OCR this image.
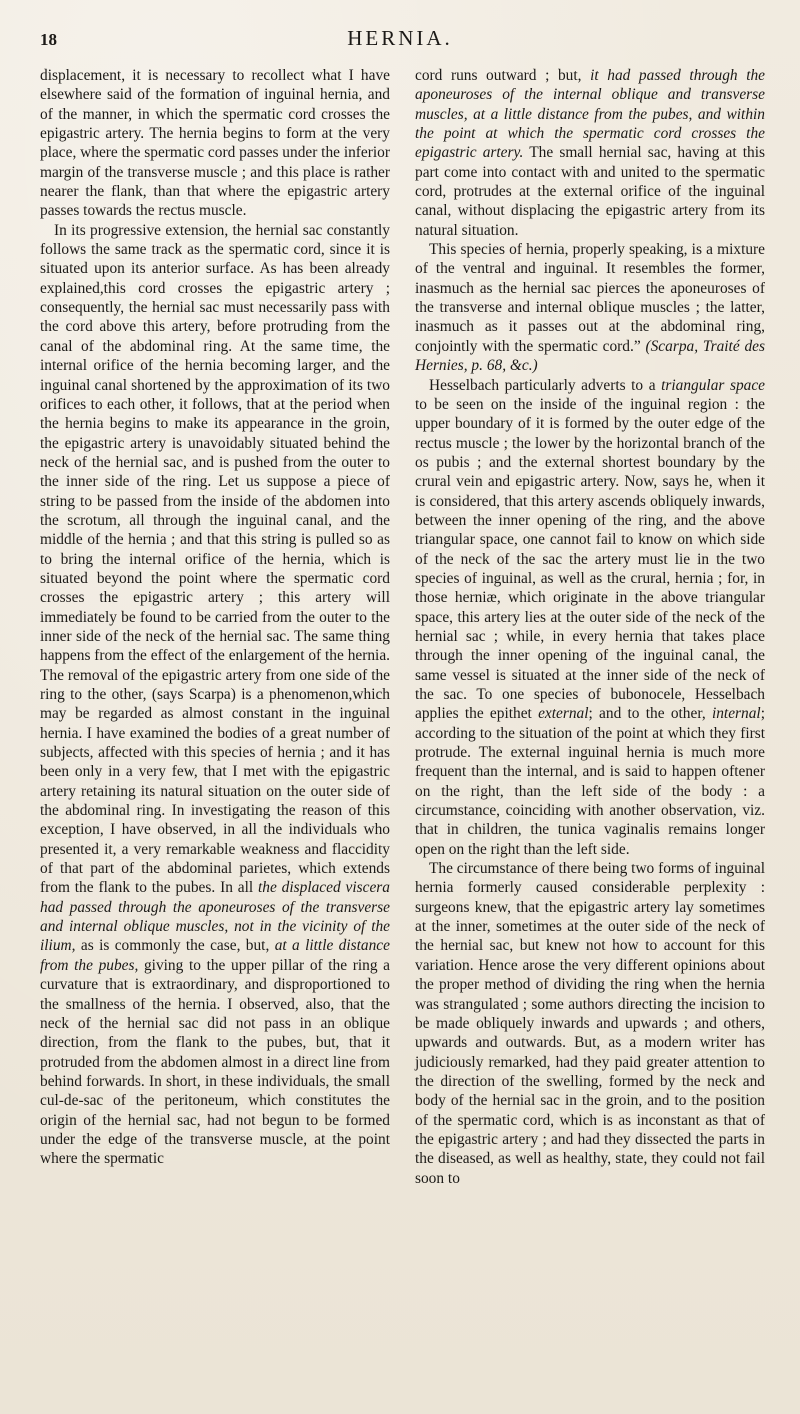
18	HERNIA.

displacement, it is necessary to recollect what I have elsewhere said of the formation of inguinal hernia, and of the manner, in which the spermatic cord crosses the epigastric artery. The hernia begins to form at the very place, where the spermatic cord passes under the inferior margin of the transverse muscle ; and this place is rather nearer the flank, than that where the epigastric artery passes towards the rectus muscle.

In its progressive extension, the hernial sac constantly follows the same track as the spermatic cord, since it is situated upon its anterior surface. As has been already explained,this cord crosses the epigastric artery ; consequently, the hernial sac must necessarily pass with the cord above this artery, before protruding from the canal of the abdominal ring. At the same time, the internal orifice of the hernia becoming larger, and the inguinal canal shortened by the approximation of its two orifices to each other, it follows, that at the period when the hernia begins to make its appearance in the groin, the epigastric artery is unavoidably situated behind the neck of the hernial sac, and is pushed from the outer to the inner side of the ring. Let us suppose a piece of string to be passed from the inside of the abdomen into the scrotum, all through the inguinal canal, and the middle of the hernia ; and that this string is pulled so as to bring the internal orifice of the hernia, which is situated beyond the point where the spermatic cord crosses the epigastric artery ; this artery will immediately be found to be carried from the outer to the inner side of the neck of the hernial sac. The same thing happens from the effect of the enlargement of the hernia. The removal of the epigastric artery from one side of the ring to the other, (says Scarpa) is a phenomenon,which may be regarded as almost constant in the inguinal hernia. I have examined the bodies of a great number of subjects, affected with this species of hernia ; and it has been only in a very few, that I met with the epigastric artery retaining its natural situation on the outer side of the abdominal ring. In investigating the reason of this exception, I have observed, in all the individuals who presented it, a very remarkable weakness and flaccidity of that part of the abdominal parietes, which extends from the flank to the pubes. In all the displaced viscera had passed through the aponeuroses of the transverse and internal oblique muscles, not in the vicinity of the ilium, as is commonly the case, but, at a little distance from the pubes, giving to the upper pillar of the ring a curvature that is extraordinary, and disproportioned to the smallness of the hernia. I observed, also, that the neck of the hernial sac did not pass in an oblique direction, from the flank to the pubes, but, that it protruded from the abdomen almost in a direct line from behind forwards. In short, in these individuals, the small cul-de-sac of the peritoneum, which constitutes the origin of the hernial sac, had not begun to be formed under the edge of the transverse muscle, at the point where the spermatic

cord runs outward ; but, it had passed through the aponeuroses of the internal oblique and transverse muscles, at a little distance from the pubes, and within the point at which the spermatic cord crosses the epigastric artery. The small hernial sac, having at this part come into contact with and united to the spermatic cord, protrudes at the external orifice of the inguinal canal, without displacing the epigastric artery from its natural situation.

This species of hernia, properly speaking, is a mixture of the ventral and inguinal. It resembles the former, inasmuch as the hernial sac pierces the aponeuroses of the transverse and internal oblique muscles ; the latter, inasmuch as it passes out at the abdominal ring, conjointly with the spermatic cord.” (Scarpa, Traité des Hernies, p. 68, &c.)

Hesselbach particularly adverts to a triangular space to be seen on the inside of the inguinal region : the upper boundary of it is formed by the outer edge of the rectus muscle ; the lower by the horizontal branch of the os pubis ; and the external shortest boundary by the crural vein and epigastric artery. Now, says he, when it is considered, that this artery ascends obliquely inwards, between the inner opening of the ring, and the above triangular space, one cannot fail to know on which side of the neck of the sac the artery must lie in the two species of inguinal, as well as the crural, hernia ; for, in those herniæ, which originate in the above triangular space, this artery lies at the outer side of the neck of the hernial sac ; while, in every hernia that takes place through the inner opening of the inguinal canal, the same vessel is situated at the inner side of the neck of the sac. To one species of bubonocele, Hesselbach applies the epithet external; and to the other, internal; according to the situation of the point at which they first protrude. The external inguinal hernia is much more frequent than the internal, and is said to happen oftener on the right, than the left side of the body : a circumstance, coinciding with another observation, viz. that in children, the tunica vaginalis remains longer open on the right than the left side.

The circumstance of there being two forms of inguinal hernia formerly caused considerable perplexity : surgeons knew, that the epigastric artery lay sometimes at the inner, sometimes at the outer side of the neck of the hernial sac, but knew not how to account for this variation. Hence arose the very different opinions about the proper method of dividing the ring when the hernia was strangulated ; some authors directing the incision to be made obliquely inwards and upwards ; and others, upwards and outwards. But, as a modern writer has judiciously remarked, had they paid greater attention to the direction of the swelling, formed by the neck and body of the hernial sac in the groin, and to the position of the spermatic cord, which is as inconstant as that of the epigastric artery ; and had they dissected the parts in the diseased, as well as healthy, state, they could not fail soon to
